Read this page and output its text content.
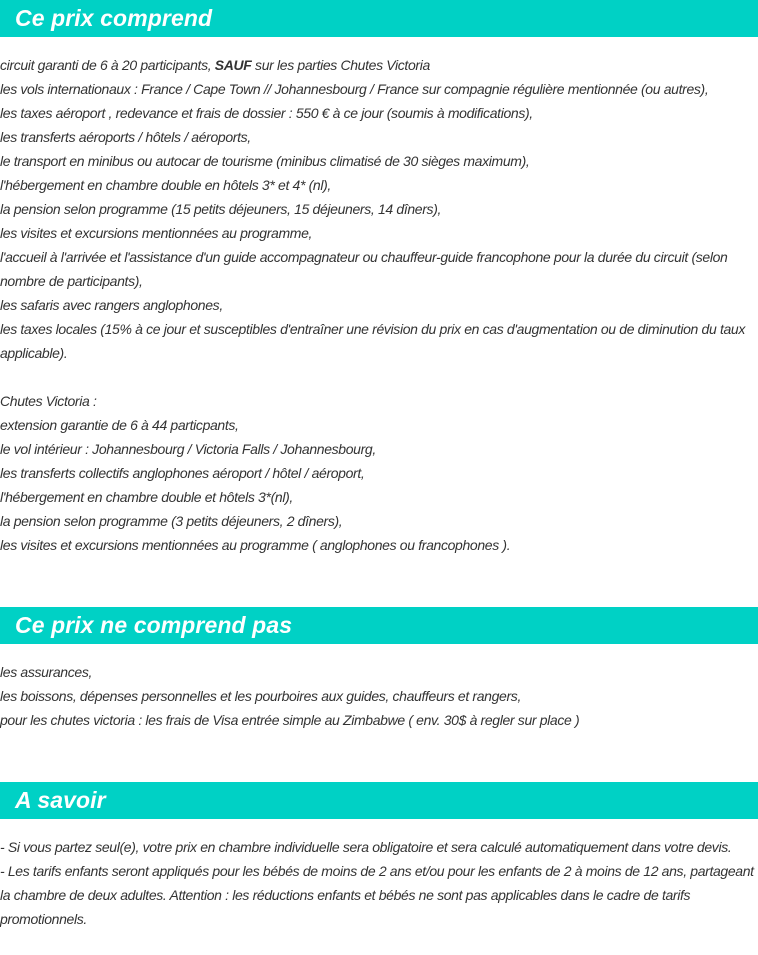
Ce prix comprend

circuit garanti de 6 à 20 participants, SAUF sur les parties Chutes Victoria

les vols internationaux : France / Cape Town // Johannesbourg / France sur compagnie régulière mentionnée (ou autres),

les taxes aéroport , redevance et frais de dossier : 550 € à ce jour (soumis à modifications),

les transferts aéroports / hôtels / aéroports,

le transport en minibus ou autocar de tourisme (minibus climatisé de 30 sièges maximum),

l'hébergement en chambre double en hôtels 3* et 4* (nl),

la pension selon programme (15 petits déjeuners, 15 déjeuners, 14 dîners),

les visites et excursions mentionnées au programme,

l'accueil à l'arrivée et l'assistance d'un guide accompagnateur ou chauffeur-guide francophone pour la durée du circuit (selon nombre de participants),

les safaris avec rangers anglophones,

les taxes locales (15% à ce jour et susceptibles d'entraîner une révision du prix en cas d'augmentation ou de diminution du taux applicable).

Chutes Victoria :

extension garantie de 6 à 44 particpants,

le vol intérieur : Johannesbourg / Victoria Falls / Johannesbourg,

les transferts collectifs anglophones aéroport / hôtel / aéroport,

l'hébergement en chambre double et hôtels 3*(nl),

la pension selon programme (3 petits déjeuners, 2 dîners),

les visites et excursions mentionnées au programme ( anglophones ou francophones ).

Ce prix ne comprend pas

les assurances,

les boissons, dépenses personnelles et les pourboires aux guides, chauffeurs et rangers,

pour les chutes victoria : les frais de Visa entrée simple au Zimbabwe ( env. 30$ à regler sur place )

A savoir

- Si vous partez seul(e), votre prix en chambre individuelle sera obligatoire et sera calculé automatiquement dans votre devis.

- Les tarifs enfants seront appliqués pour les bébés de moins de 2 ans et/ou pour les enfants de 2 à moins de 12 ans, partageant la chambre de deux adultes. Attention : les réductions enfants et bébés ne sont pas applicables dans le cadre de tarifs promotionnels.
